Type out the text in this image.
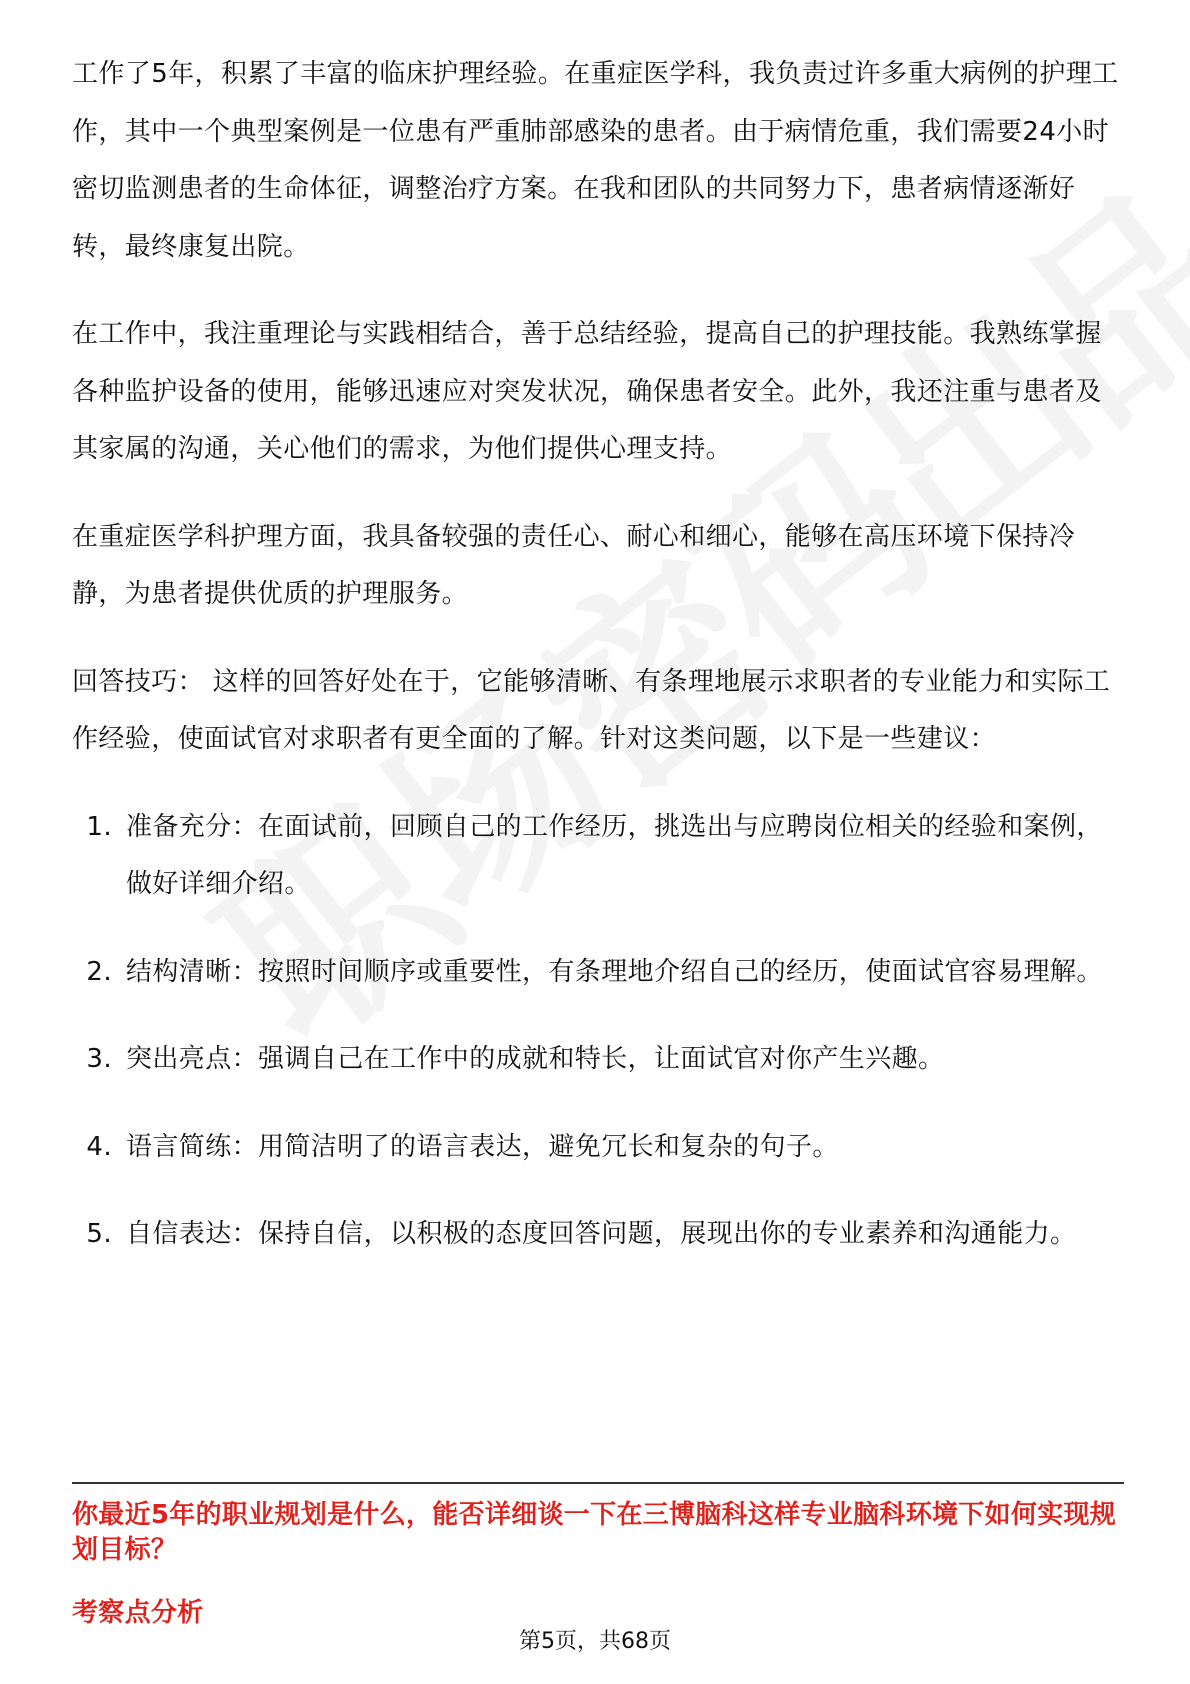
工作了5年，积累了丰富的临床护理经验。在重症医学科，我负责过许多重大病例的护理工作，其中一个典型案例是一位患有严重肺部感染的患者。由于病情危重，我们需要24小时密切监测患者的生命体征，调整治疗方案。在我和团队的共同努力下，患者病情逐渐好转，最终康复出院。

在工作中，我注重理论与实践相结合，善于总结经验，提高自己的护理技能。我熟练掌握各种监护设备的使用，能够迅速应对突发状况，确保患者安全。此外，我还注重与患者及其家属的沟通，关心他们的需求，为他们提供心理支持。

在重症医学科护理方面，我具备较强的责任心、耐心和细心，能够在高压环境下保持冷静，为患者提供优质的护理服务。

回答技巧： 这样的回答好处在于，它能够清晰、有条理地展示求职者的专业能力和实际工作经验，使面试官对求职者有更全面的了解。针对这类问题，以下是一些建议：

1. 准备充分：在面试前，回顾自己的工作经历，挑选出与应聘岗位相关的经验和案例，做好详细介绍。
2. 结构清晰：按照时间顺序或重要性，有条理地介绍自己的经历，使面试官容易理解。
3. 突出亮点：强调自己在工作中的成就和特长，让面试官对你产生兴趣。
4. 语言简练：用简洁明了的语言表达，避免冗长和复杂的句子。
5. 自信表达：保持自信，以积极的态度回答问题，展现出你的专业素养和沟通能力。
你最近5年的职业规划是什么，能否详细谈一下在三博脑科这样专业脑科环境下如何实现规划目标？
考察点分析
第5页，共68页
